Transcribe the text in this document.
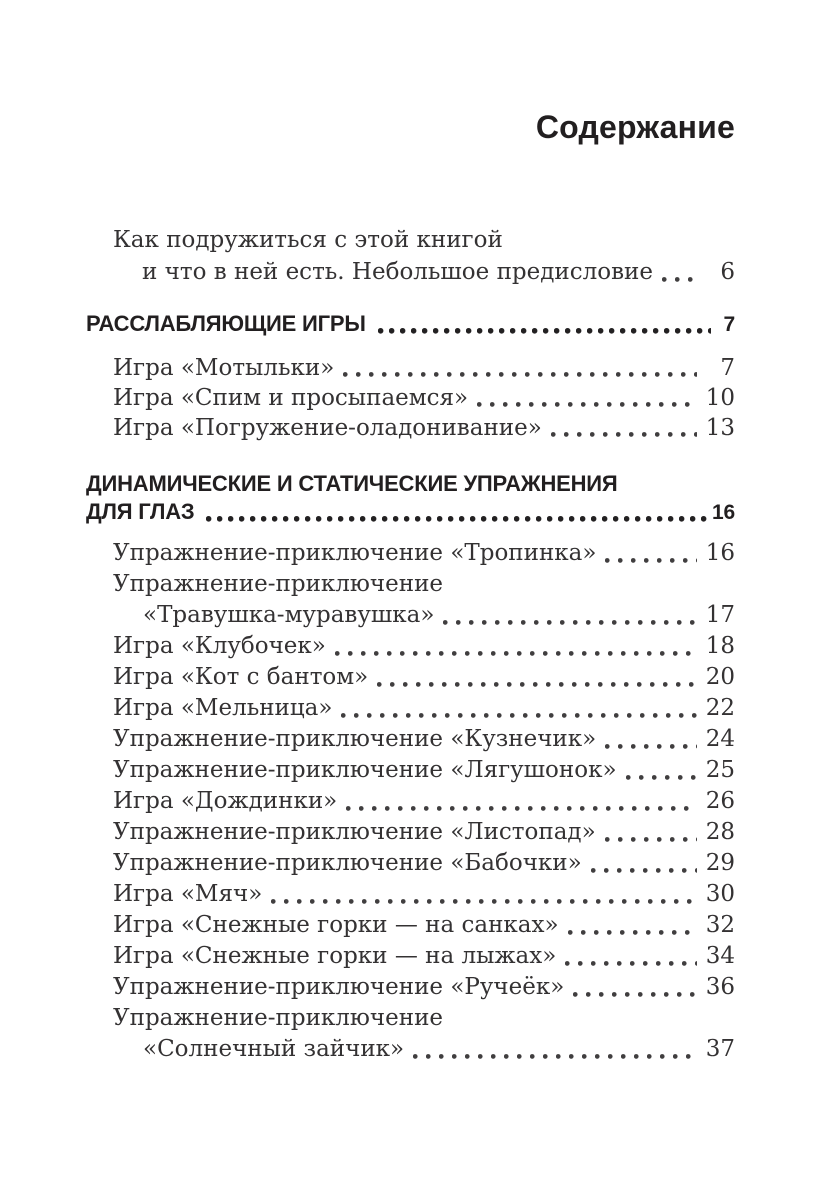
Содержание
Как подружиться с этой книгой
и что в ней есть. Небольшое предисловие	6
РАССЛАБЛЯЮЩИЕ ИГРЫ	7
Игра «Мотыльки»	7
Игра «Спим и просыпаемся»	10
Игра «Погружение-оладонивание»	13
ДИНАМИЧЕСКИЕ И СТАТИЧЕСКИЕ УПРАЖНЕНИЯ
ДЛЯ ГЛАЗ	16
Упражнение-приключение «Тропинка»	16
Упражнение-приключение
«Травушка-муравушка»	17
Игра «Клубочек»	18
Игра «Кот с бантом»	20
Игра «Мельница»	22
Упражнение-приключение «Кузнечик»	24
Упражнение-приключение «Лягушонок»	25
Игра «Дождинки»	26
Упражнение-приключение «Листопад»	28
Упражнение-приключение «Бабочки»	29
Игра «Мяч»	30
Игра «Снежные горки — на санках»	32
Игра «Снежные горки — на лыжах»	34
Упражнение-приключение «Ручеёк»	36
Упражнение-приключение
«Солнечный зайчик»	37
